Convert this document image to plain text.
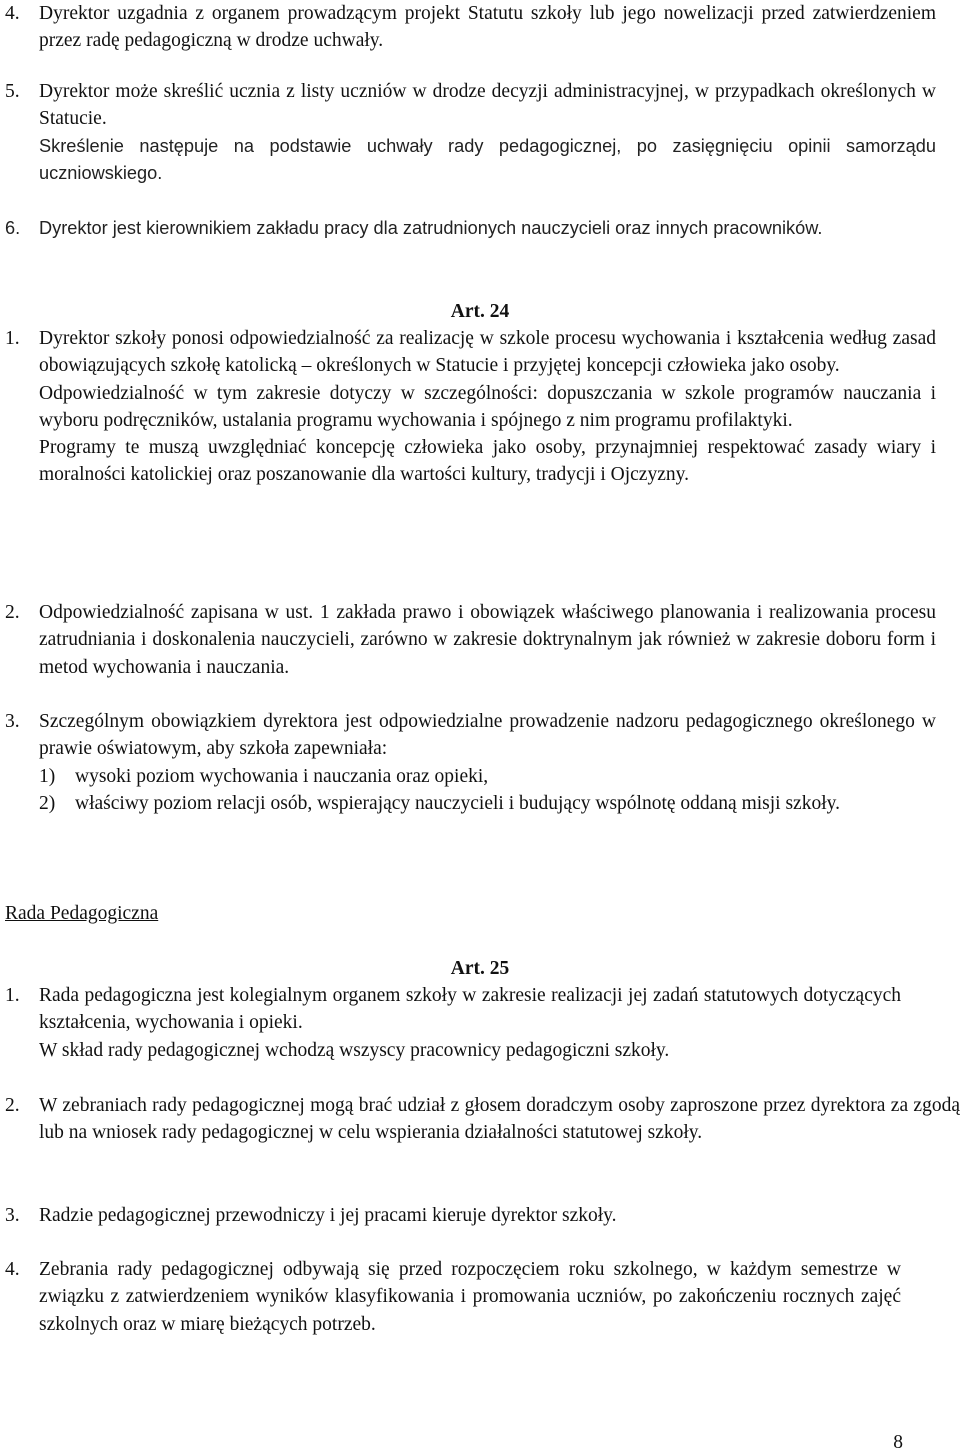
4. Dyrektor uzgadnia z organem prowadzącym projekt Statutu szkoły lub jego nowelizacji przed zatwierdzeniem przez radę pedagogiczną w drodze uchwały.
5. Dyrektor może skreślić ucznia z listy uczniów w drodze decyzji administracyjnej, w przypadkach określonych w Statucie.
Skreślenie następuje na podstawie uchwały rady pedagogicznej, po zasięgnięciu opinii samorządu uczniowskiego.
6.	Dyrektor jest kierownikiem zakładu pracy dla zatrudnionych nauczycieli oraz innych pracowników.
Art. 24
1. Dyrektor szkoły ponosi odpowiedzialność za realizację w szkole procesu wychowania i kształcenia według zasad obowiązujących szkołę katolicką – określonych w Statucie i przyjętej koncepcji człowieka jako osoby.
Odpowiedzialność w tym zakresie dotyczy w szczególności: dopuszczania w szkole programów nauczania i wyboru podręczników, ustalania programu wychowania i spójnego z nim programu profilaktyki.
Programy te muszą uwzględniać koncepcję człowieka jako osoby, przynajmniej respektować zasady wiary i moralności katolickiej oraz poszanowanie dla wartości kultury, tradycji i Ojczyzny.
2. Odpowiedzialność zapisana w ust. 1 zakłada prawo i obowiązek właściwego planowania i realizowania procesu zatrudniania i doskonalenia nauczycieli, zarówno w zakresie doktrynalnym jak również w zakresie doboru form i metod wychowania i nauczania.
3. Szczególnym obowiązkiem dyrektora jest odpowiedzialne prowadzenie nadzoru pedagogicznego określonego w prawie oświatowym, aby szkoła zapewniała:
1)	wysoki poziom wychowania i nauczania oraz opieki,
2)	właściwy poziom relacji osób, wspierający nauczycieli i budujący wspólnotę oddaną misji szkoły.
Rada Pedagogiczna
Art. 25
1. Rada pedagogiczna jest kolegialnym organem szkoły w zakresie realizacji jej zadań statutowych dotyczących kształcenia, wychowania i opieki.
W skład rady pedagogicznej wchodzą wszyscy pracownicy pedagogiczni szkoły.
2. W zebraniach rady pedagogicznej mogą brać udział z głosem doradczym osoby zaproszone przez dyrektora za zgodą lub na wniosek rady pedagogicznej w celu wspierania działalności statutowej szkoły.
3. Radzie pedagogicznej przewodniczy i jej pracami kieruje dyrektor szkoły.
4. Zebrania rady pedagogicznej odbywają się przed rozpoczęciem roku szkolnego, w każdym semestrze w związku z zatwierdzeniem wyników klasyfikowania i promowania uczniów, po zakończeniu rocznych zajęć szkolnych oraz w miarę bieżących potrzeb.
8
